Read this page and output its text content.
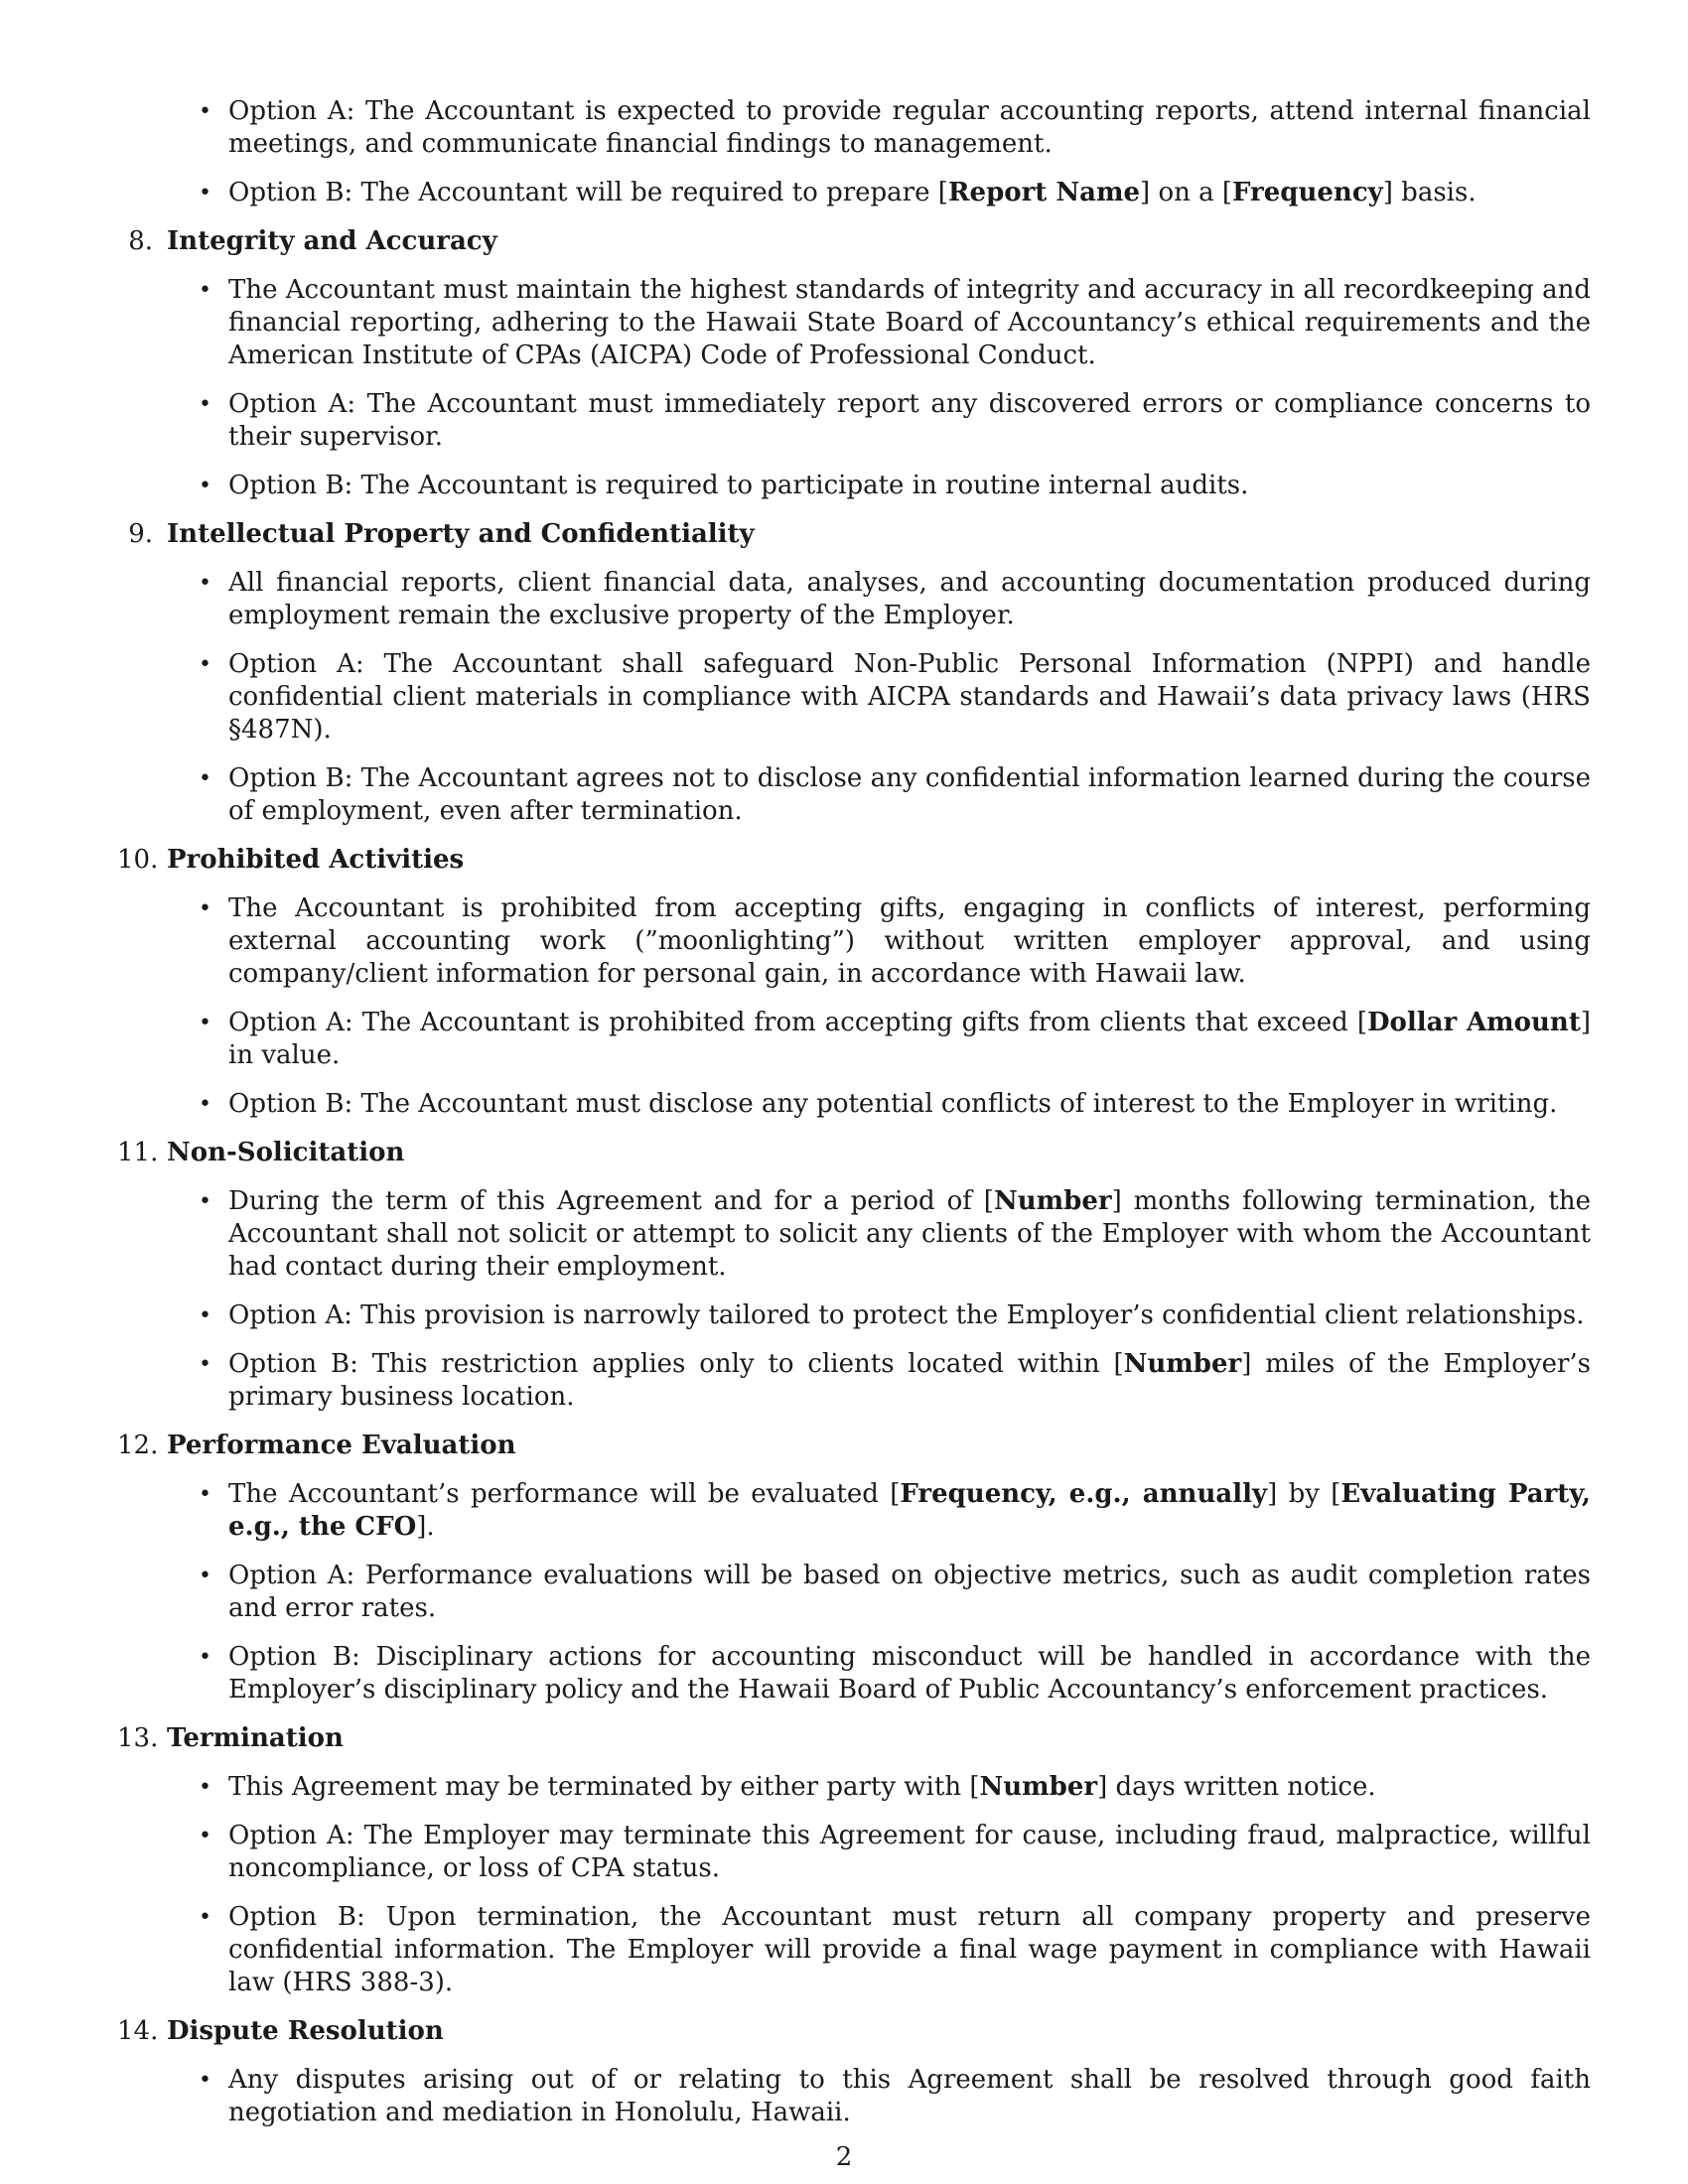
• Option A: The Accountant is expected to provide regular accounting reports, attend internal financial meetings, and communicate financial findings to management.
• Option B: The Accountant will be required to prepare [Report Name] on a [Frequency] basis.
8. Integrity and Accuracy
• The Accountant must maintain the highest standards of integrity and accuracy in all recordkeeping and financial reporting, adhering to the Hawaii State Board of Accountancy’s ethical requirements and the American Institute of CPAs (AICPA) Code of Professional Conduct.
• Option A: The Accountant must immediately report any discovered errors or compliance concerns to their supervisor.
• Option B: The Accountant is required to participate in routine internal audits.
9. Intellectual Property and Confidentiality
• All financial reports, client financial data, analyses, and accounting documentation produced during employment remain the exclusive property of the Employer.
• Option A: The Accountant shall safeguard Non-Public Personal Information (NPPI) and handle confidential client materials in compliance with AICPA standards and Hawaii’s data privacy laws (HRS §487N).
• Option B: The Accountant agrees not to disclose any confidential information learned during the course of employment, even after termination.
10. Prohibited Activities
• The Accountant is prohibited from accepting gifts, engaging in conflicts of interest, performing external accounting work (”moonlighting”) without written employer approval, and using company/client information for personal gain, in accordance with Hawaii law.
• Option A: The Accountant is prohibited from accepting gifts from clients that exceed [Dollar Amount] in value.
• Option B: The Accountant must disclose any potential conflicts of interest to the Employer in writing.
11. Non-Solicitation
• During the term of this Agreement and for a period of [Number] months following termination, the Accountant shall not solicit or attempt to solicit any clients of the Employer with whom the Accountant had contact during their employment.
• Option A: This provision is narrowly tailored to protect the Employer’s confidential client relationships.
• Option B: This restriction applies only to clients located within [Number] miles of the Employer’s primary business location.
12. Performance Evaluation
• The Accountant’s performance will be evaluated [Frequency, e.g., annually] by [Evaluating Party, e.g., the CFO].
• Option A: Performance evaluations will be based on objective metrics, such as audit completion rates and error rates.
• Option B: Disciplinary actions for accounting misconduct will be handled in accordance with the Employer’s disciplinary policy and the Hawaii Board of Public Accountancy’s enforcement practices.
13. Termination
• This Agreement may be terminated by either party with [Number] days written notice.
• Option A: The Employer may terminate this Agreement for cause, including fraud, malpractice, willful noncompliance, or loss of CPA status.
• Option B: Upon termination, the Accountant must return all company property and preserve confidential information. The Employer will provide a final wage payment in compliance with Hawaii law (HRS 388-3).
14. Dispute Resolution
• Any disputes arising out of or relating to this Agreement shall be resolved through good faith negotiation and mediation in Honolulu, Hawaii.
2
